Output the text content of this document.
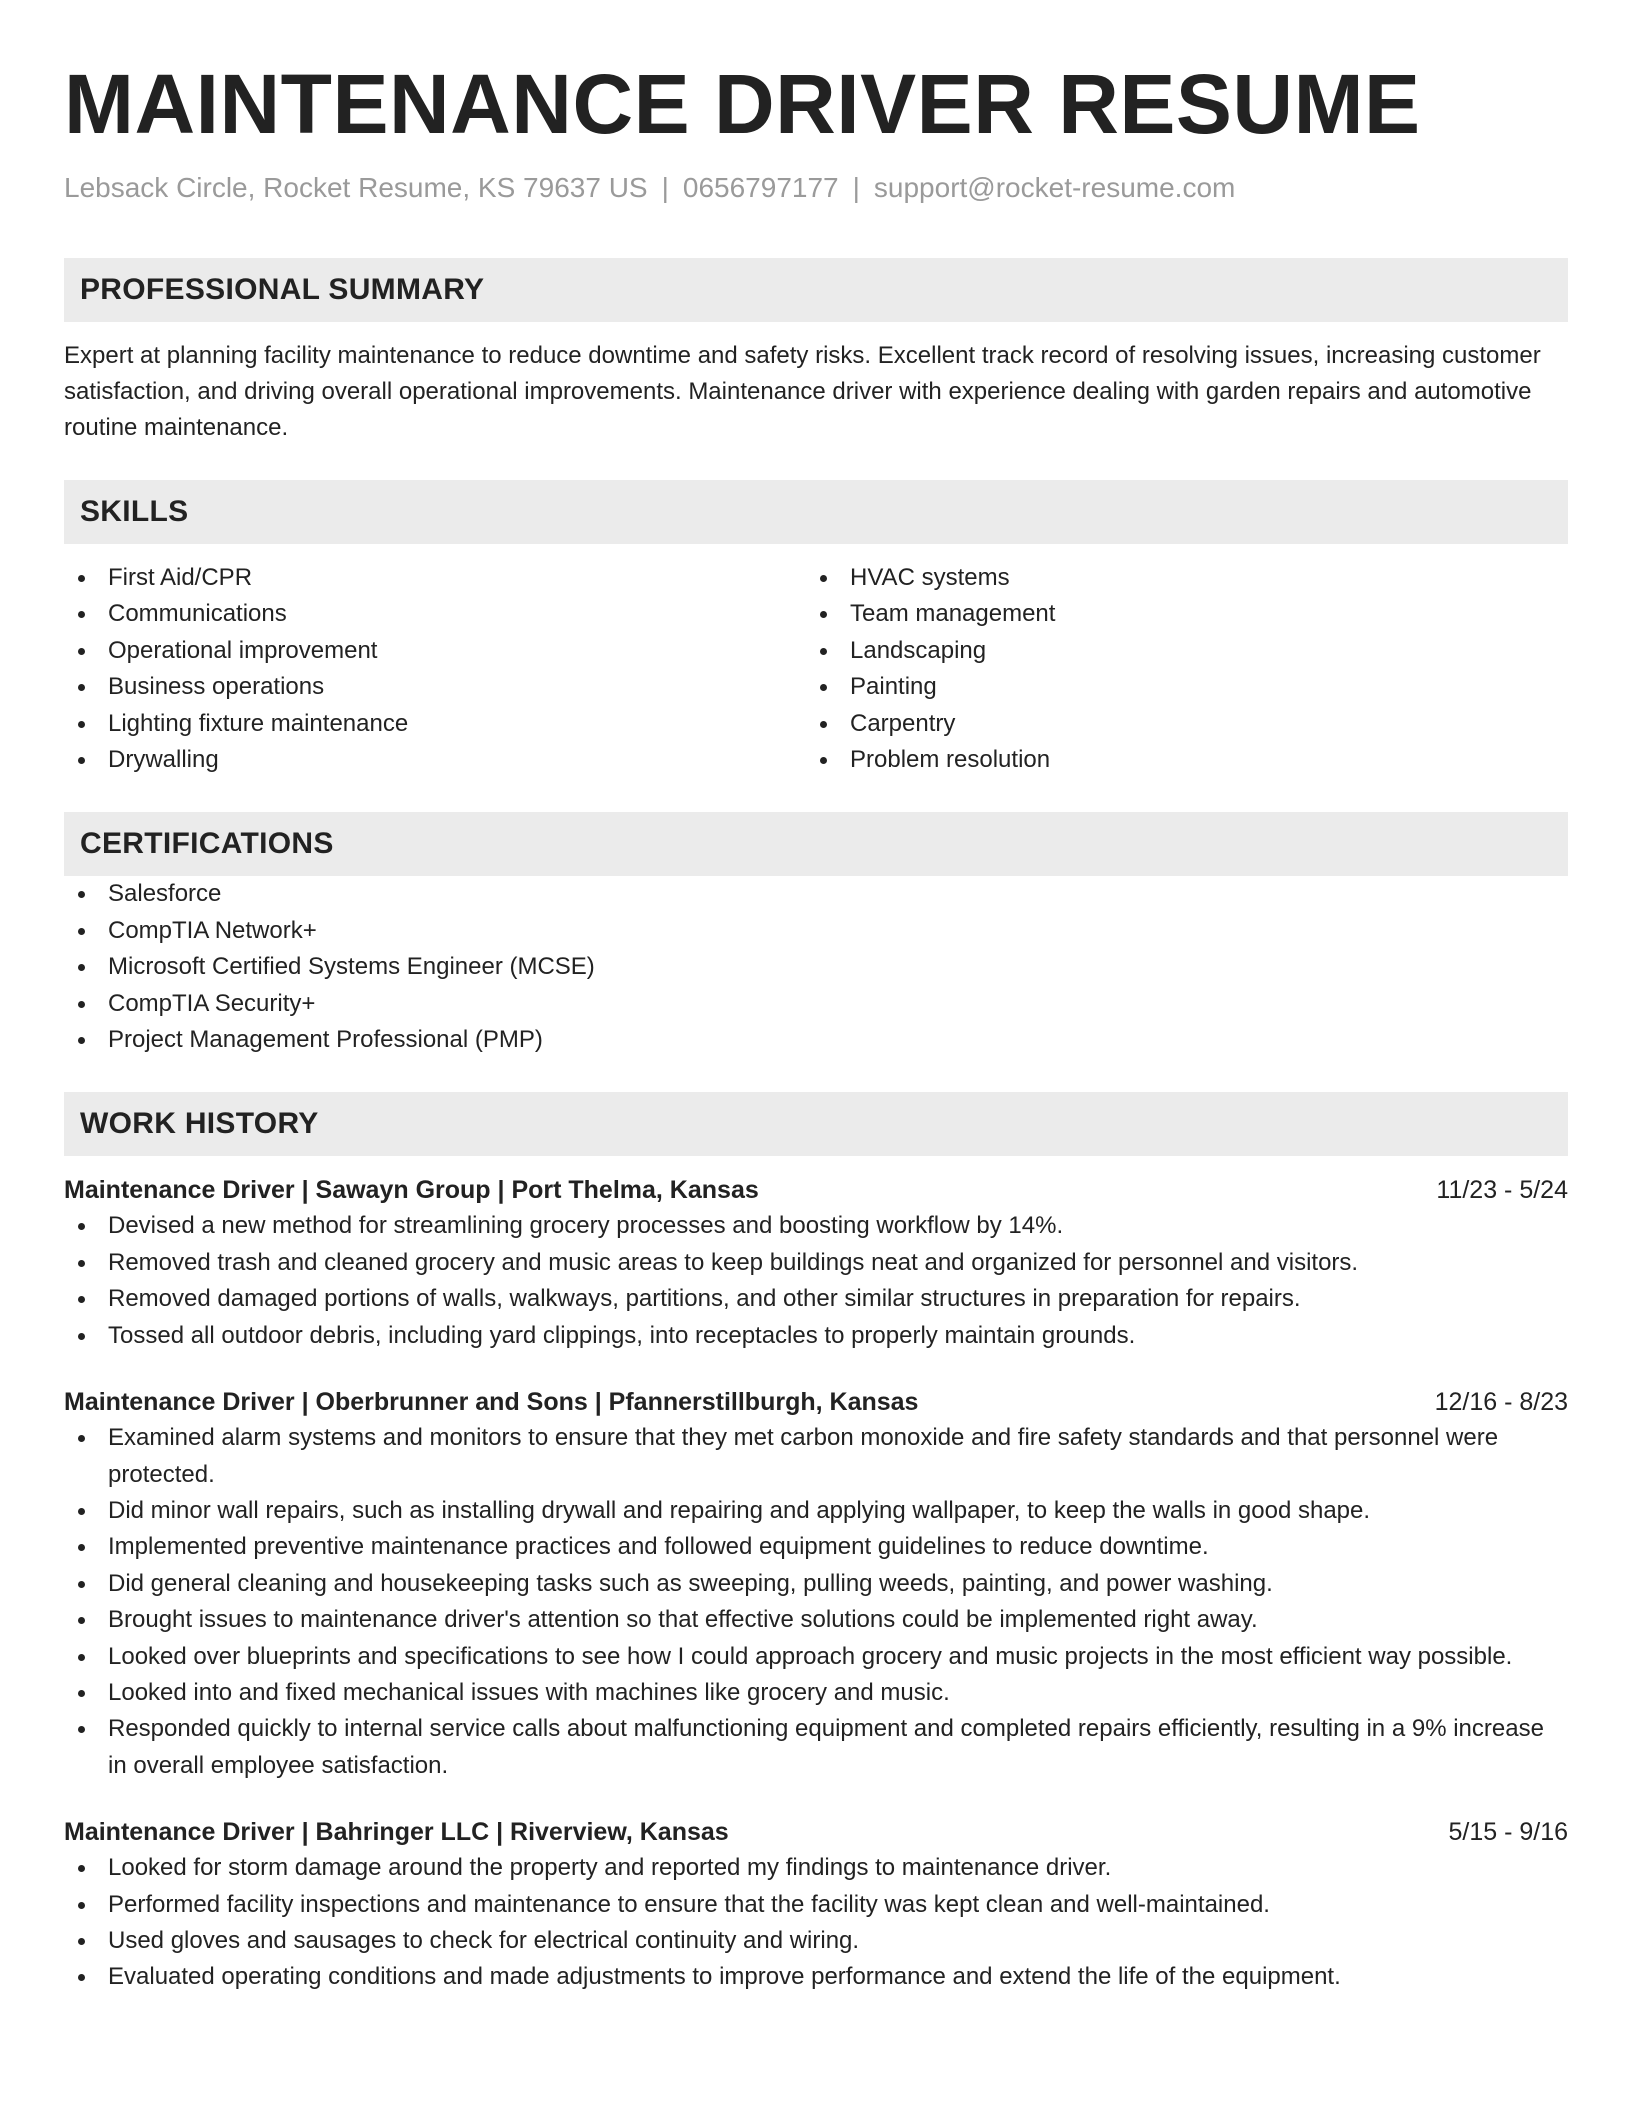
MAINTENANCE DRIVER RESUME
Lebsack Circle, Rocket Resume, KS 79637 US | 0656797177 | support@rocket-resume.com
PROFESSIONAL SUMMARY

Expert at planning facility maintenance to reduce downtime and safety risks. Excellent track record of resolving issues, increasing customer satisfaction, and driving overall operational improvements. Maintenance driver with experience dealing with garden repairs and automotive routine maintenance.

SKILLS
First Aid/CPR
Communications
Operational improvement
Business operations
Lighting fixture maintenance
Drywalling
HVAC systems
Team management
Landscaping
Painting
Carpentry
Problem resolution
CERTIFICATIONS
Salesforce
CompTIA Network+
Microsoft Certified Systems Engineer (MCSE)
CompTIA Security+
Project Management Professional (PMP)
WORK HISTORY
Maintenance Driver | Sawayn Group | Port Thelma, Kansas	11/23 - 5/24
Devised a new method for streamlining grocery processes and boosting workflow by 14%.
Removed trash and cleaned grocery and music areas to keep buildings neat and organized for personnel and visitors.
Removed damaged portions of walls, walkways, partitions, and other similar structures in preparation for repairs.
Tossed all outdoor debris, including yard clippings, into receptacles to properly maintain grounds.
Maintenance Driver | Oberbrunner and Sons | Pfannerstillburgh, Kansas	12/16 - 8/23
Examined alarm systems and monitors to ensure that they met carbon monoxide and fire safety standards and that personnel were protected.
Did minor wall repairs, such as installing drywall and repairing and applying wallpaper, to keep the walls in good shape.
Implemented preventive maintenance practices and followed equipment guidelines to reduce downtime.
Did general cleaning and housekeeping tasks such as sweeping, pulling weeds, painting, and power washing.
Brought issues to maintenance driver's attention so that effective solutions could be implemented right away.
Looked over blueprints and specifications to see how I could approach grocery and music projects in the most efficient way possible.
Looked into and fixed mechanical issues with machines like grocery and music.
Responded quickly to internal service calls about malfunctioning equipment and completed repairs efficiently, resulting in a 9% increase in overall employee satisfaction.
Maintenance Driver | Bahringer LLC | Riverview, Kansas	5/15 - 9/16
Looked for storm damage around the property and reported my findings to maintenance driver.
Performed facility inspections and maintenance to ensure that the facility was kept clean and well-maintained.
Used gloves and sausages to check for electrical continuity and wiring.
Evaluated operating conditions and made adjustments to improve performance and extend the life of the equipment.
